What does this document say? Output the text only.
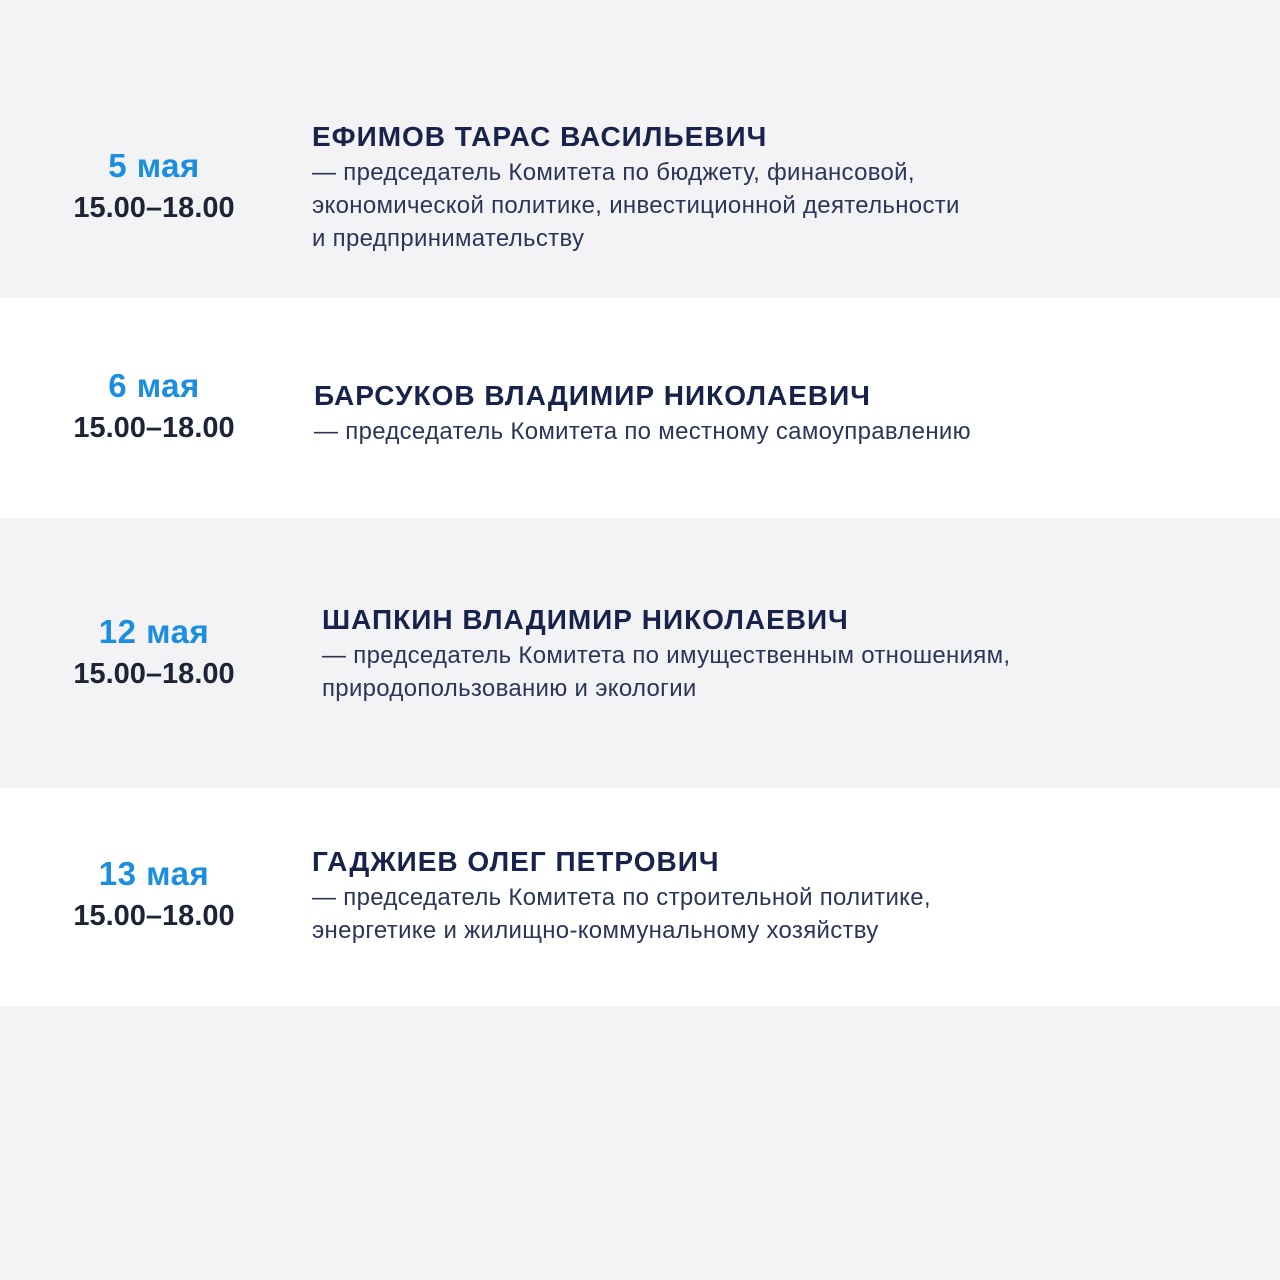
5 мая
15.00–18.00
ЕФИМОВ ТАРАС ВАСИЛЬЕВИЧ
— председатель Комитета по бюджету, финансовой,
экономической политике, инвестиционной деятельности
и предпринимательству
6 мая
15.00–18.00
БАРСУКОВ ВЛАДИМИР НИКОЛАЕВИЧ
— председатель Комитета по местному самоуправлению
12 мая
15.00–18.00
ШАПКИН ВЛАДИМИР НИКОЛАЕВИЧ
— председатель Комитета по имущественным отношениям,
природопользованию и экологии
13 мая
15.00–18.00
ГАДЖИЕВ ОЛЕГ ПЕТРОВИЧ
— председатель Комитета по строительной политике,
энергетике и жилищно-коммунальному хозяйству
